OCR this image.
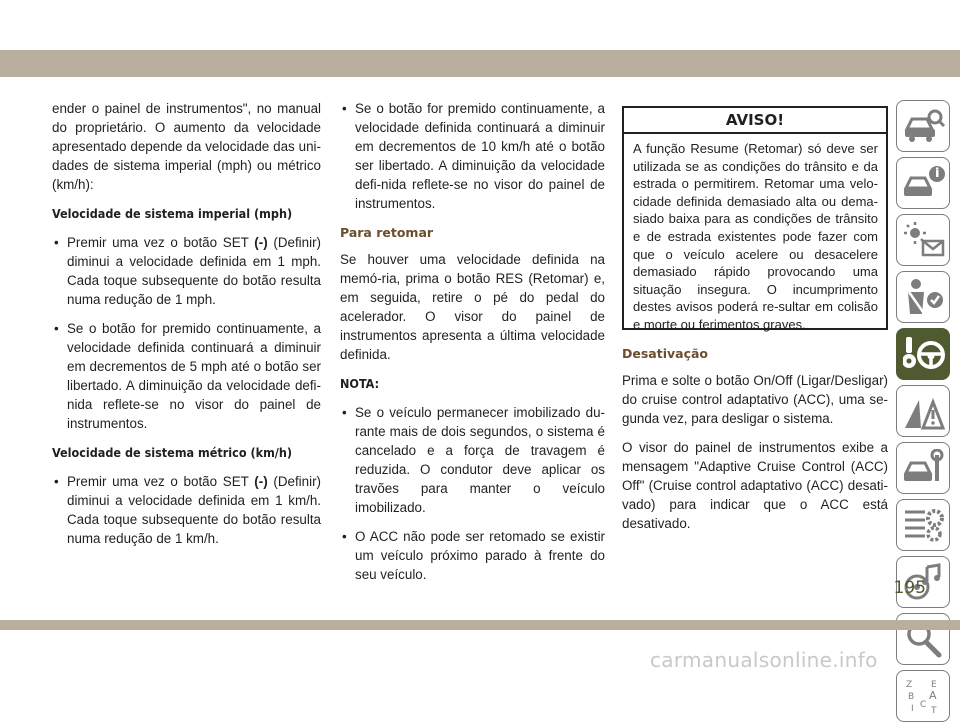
ender o painel de instrumentos", no manual do proprietário. O aumento da velocidade apresentado depende da velocidade das uni-dades de sistema imperial (mph) ou métrico (km/h):

Velocidade de sistema imperial (mph)
• Premir uma vez o botão SET (-) (Definir) diminui a velocidade definida em 1 mph. Cada toque subsequente do botão resulta numa redução de 1 mph.
• Se o botão for premido continuamente, a velocidade definida continuará a diminuir em decrementos de 5 mph até o botão ser libertado. A diminuição da velocidade defi-nida reflete-se no visor do painel de instrumentos.
Velocidade de sistema métrico (km/h)
• Premir uma vez o botão SET (-) (Definir) diminui a velocidade definida em 1 km/h. Cada toque subsequente do botão resulta numa redução de 1 km/h.
• Se o botão for premido continuamente, a velocidade definida continuará a diminuir em decrementos de 10 km/h até o botão ser libertado. A diminuição da velocidade defi-nida reflete-se no visor do painel de instrumentos.
Para retomar

Se houver uma velocidade definida na memó-ria, prima o botão RES (Retomar) e, em seguida, retire o pé do pedal do acelerador. O visor do painel de instrumentos apresenta a última velocidade definida.

NOTA:
• Se o veículo permanecer imobilizado du-rante mais de dois segundos, o sistema é cancelado e a força de travagem é reduzida. O condutor deve aplicar os travões para manter o veículo imobilizado.
• O ACC não pode ser retomado se existir um veículo próximo parado à frente do seu veículo.
AVISO!
A função Resume (Retomar) só deve ser utilizada se as condições do trânsito e da estrada o permitirem. Retomar uma velo-cidade definida demasiado alta ou dema-siado baixa para as condições de trânsito e de estrada existentes pode fazer com que o veículo acelere ou desacelere demasiado rápido provocando uma situação insegura. O incumprimento destes avisos poderá re-sultar em colisão e morte ou ferimentos graves.
Desativação

Prima e solte o botão On/Off (Ligar/Desligar) do cruise control adaptativo (ACC), uma se-gunda vez, para desligar o sistema.

O visor do painel de instrumentos exibe a mensagem "Adaptive Cruise Control (ACC) Off" (Cruise control adaptativo (ACC) desati-vado) para indicar que o ACC está desativado.

Z E
B A
I C
T
195
carmanualsonline.info
